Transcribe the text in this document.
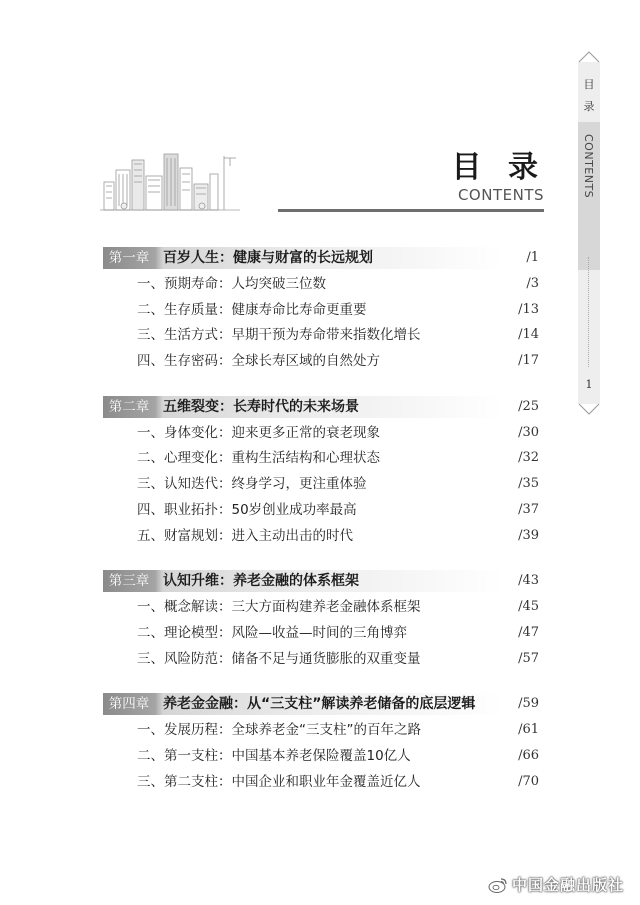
目 录
CONTENTS
目
录
CONTENTS
1
第一章 百岁人生：健康与财富的长远规划	/1
一、预期寿命：人均突破三位数	/3
二、生存质量：健康寿命比寿命更重要	/13
三、生活方式：早期干预为寿命带来指数化增长	/14
四、生存密码：全球长寿区域的自然处方	/17
第二章 五维裂变：长寿时代的未来场景	/25
一、身体变化：迎来更多正常的衰老现象	/30
二、心理变化：重构生活结构和心理状态	/32
三、认知迭代：终身学习，更注重体验	/35
四、职业拓扑：50岁创业成功率最高	/37
五、财富规划：进入主动出击的时代	/39
第三章 认知升维：养老金融的体系框架	/43
一、概念解读：三大方面构建养老金融体系框架	/45
二、理论模型：风险—收益—时间的三角博弈	/47
三、风险防范：储备不足与通货膨胀的双重变量	/57
第四章 养老金金融：从“三支柱”解读养老储备的底层逻辑	/59
一、发展历程：全球养老金“三支柱”的百年之路	/61
二、第一支柱：中国基本养老保险覆盖10亿人	/66
三、第二支柱：中国企业和职业年金覆盖近亿人	/70
中国金融出版社
